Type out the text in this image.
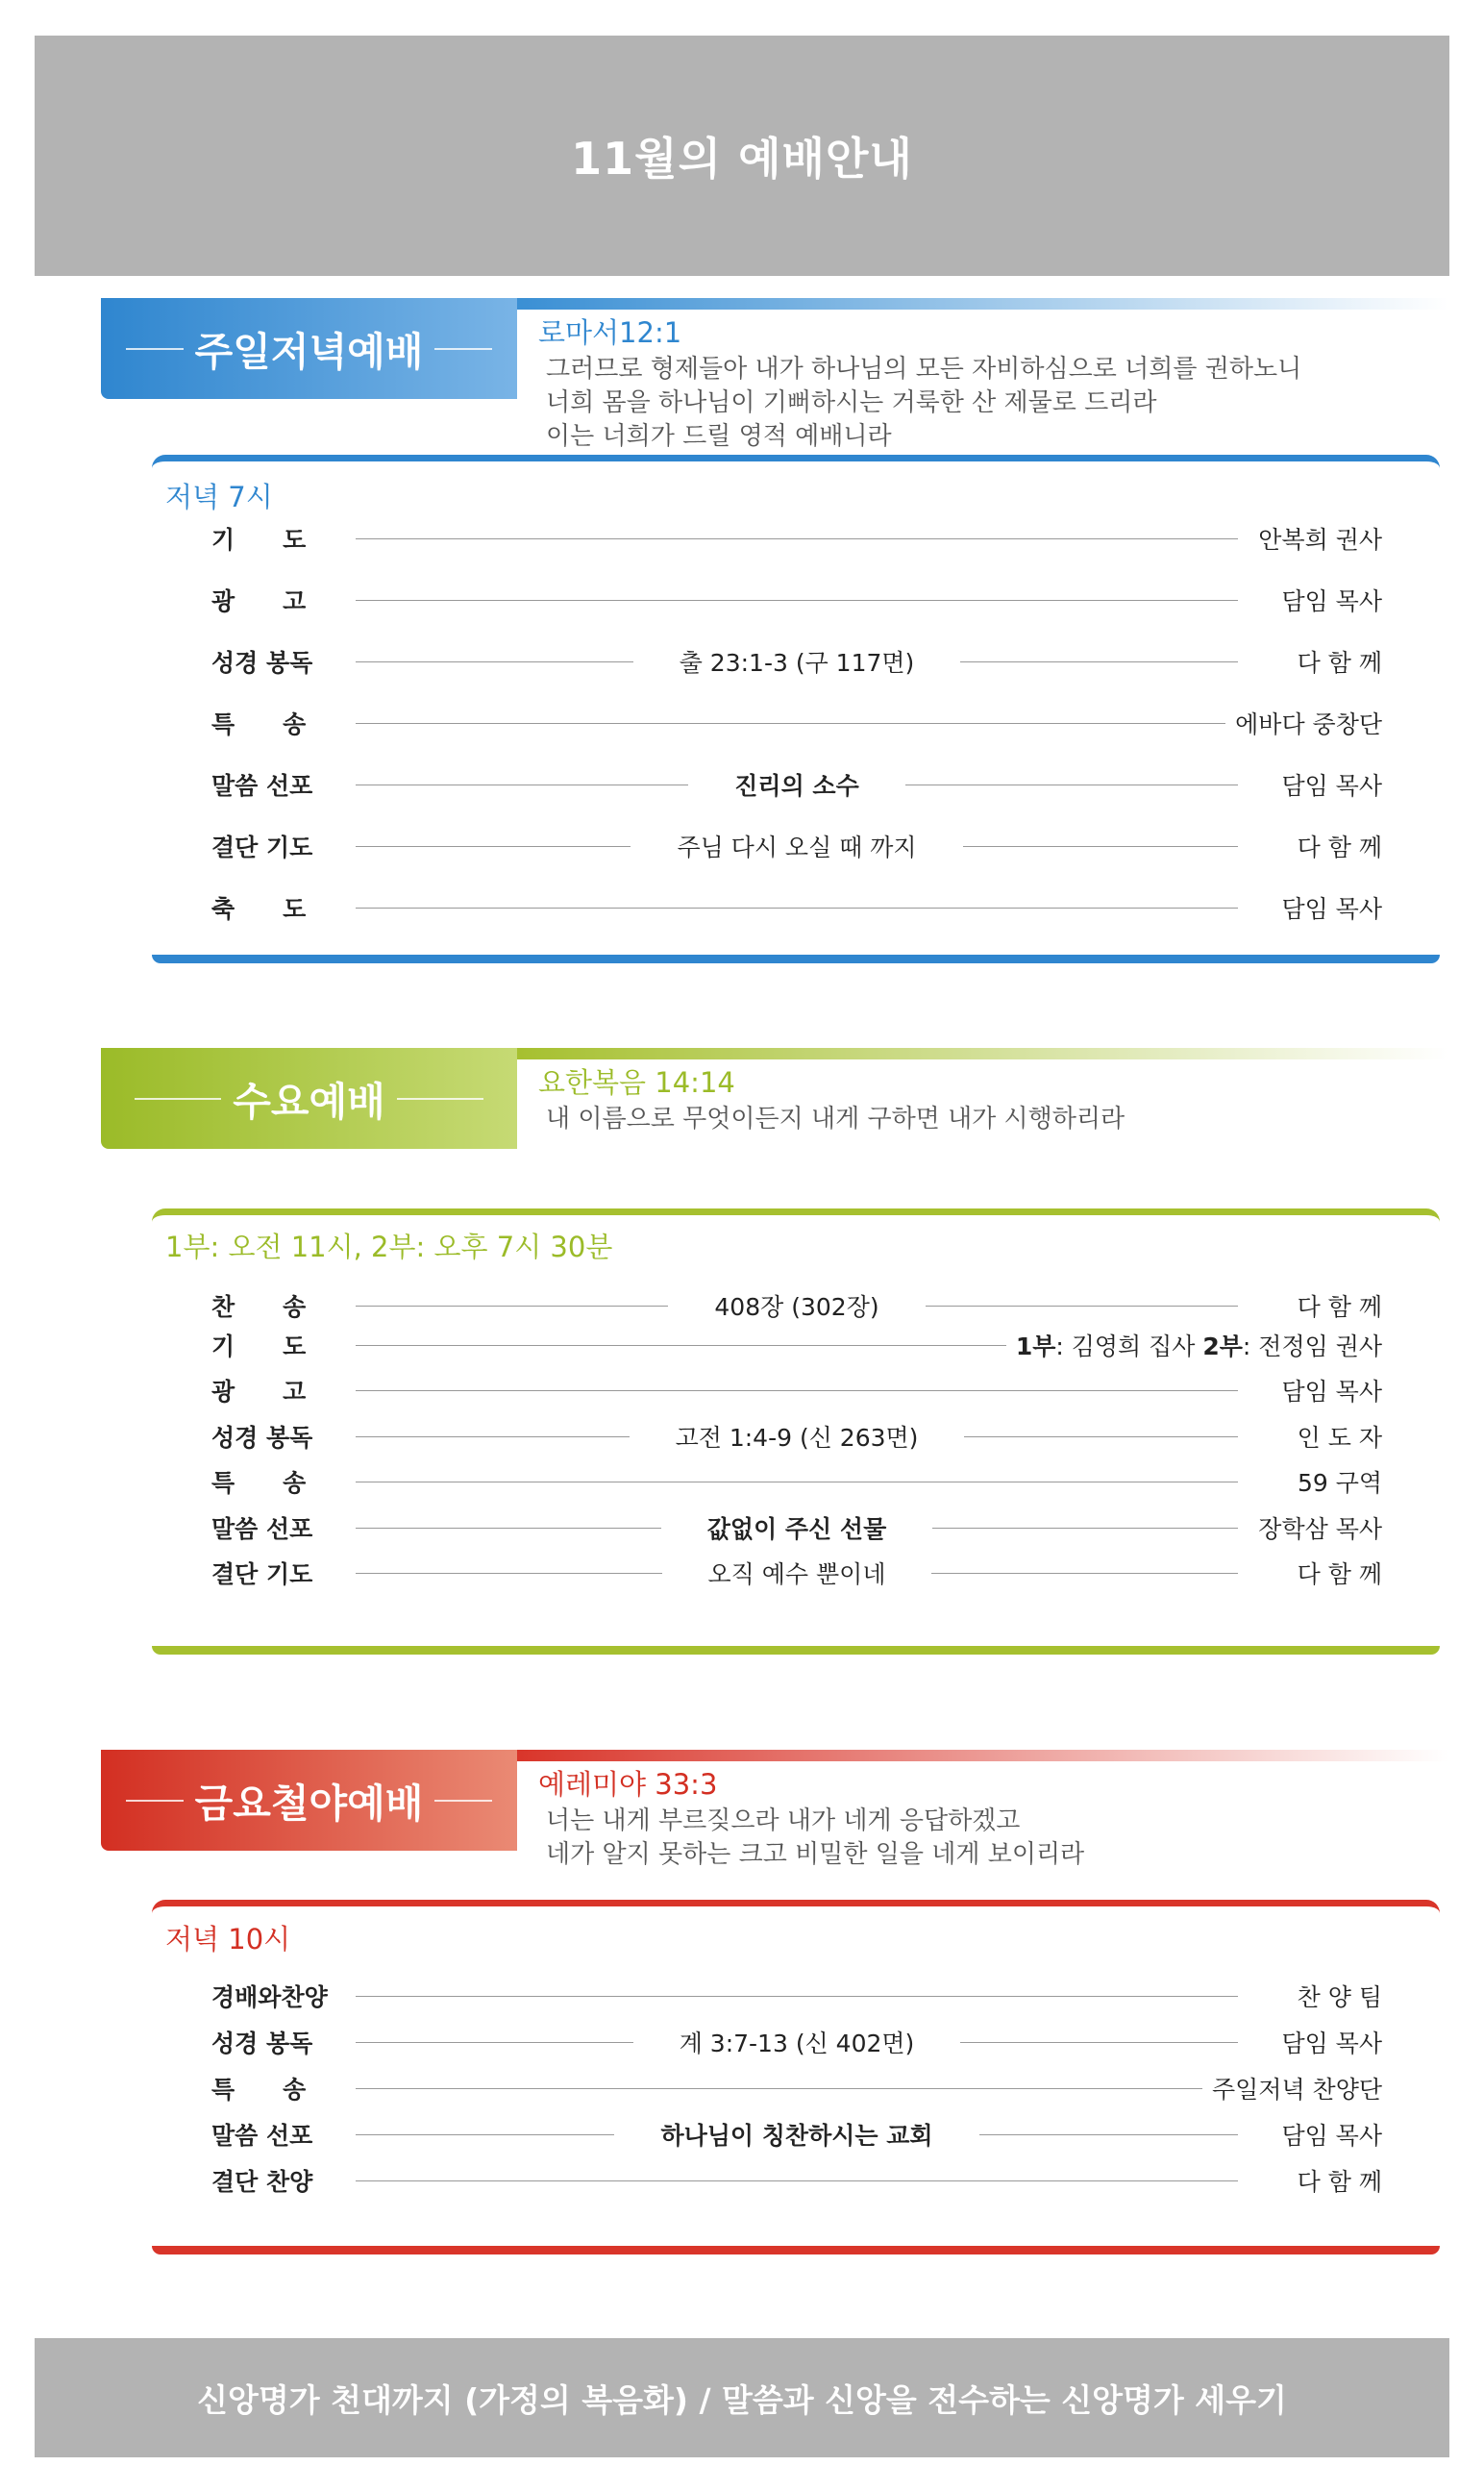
11월의 예배안내
주일저녁예배	로마서12:1
그러므로 형제들아 내가 하나님의 모든 자비하심으로 너희를 권하노니
너희 몸을 하나님이 기뻐하시는 거룩한 산 제물로 드리라
이는 너희가 드릴 영적 예배니라
저녁 7시
기　　도	안복희 권사
광　　고	담임 목사
성경 봉독	출 23:1-3 (구 117면)	다 함 께
특　　송	에바다 중창단
말씀 선포	진리의 소수	담임 목사
결단 기도	주님 다시 오실 때 까지	다 함 께
축　　도	담임 목사
수요예배	요한복음 14:14
내 이름으로 무엇이든지 내게 구하면 내가 시행하리라
1부: 오전 11시, 2부: 오후 7시 30분
찬　　송	408장 (302장)	다 함 께
기　　도	1부: 김영희 집사 2부: 전정임 권사
광　　고	담임 목사
성경 봉독	고전 1:4-9 (신 263면)	인 도 자
특　　송	59 구역
말씀 선포	값없이 주신 선물	장학삼 목사
결단 기도	오직 예수 뿐이네	다 함 께
금요철야예배	예레미야 33:3
너는 내게 부르짖으라 내가 네게 응답하겠고
네가 알지 못하는 크고 비밀한 일을 네게 보이리라
저녁 10시
경배와찬양	찬 양 팀
성경 봉독	계 3:7-13 (신 402면)	담임 목사
특　　송	주일저녁 찬양단
말씀 선포	하나님이 칭찬하시는 교회	담임 목사
결단 찬양	다 함 께
신앙명가 천대까지 (가정의 복음화) / 말씀과 신앙을 전수하는 신앙명가 세우기
